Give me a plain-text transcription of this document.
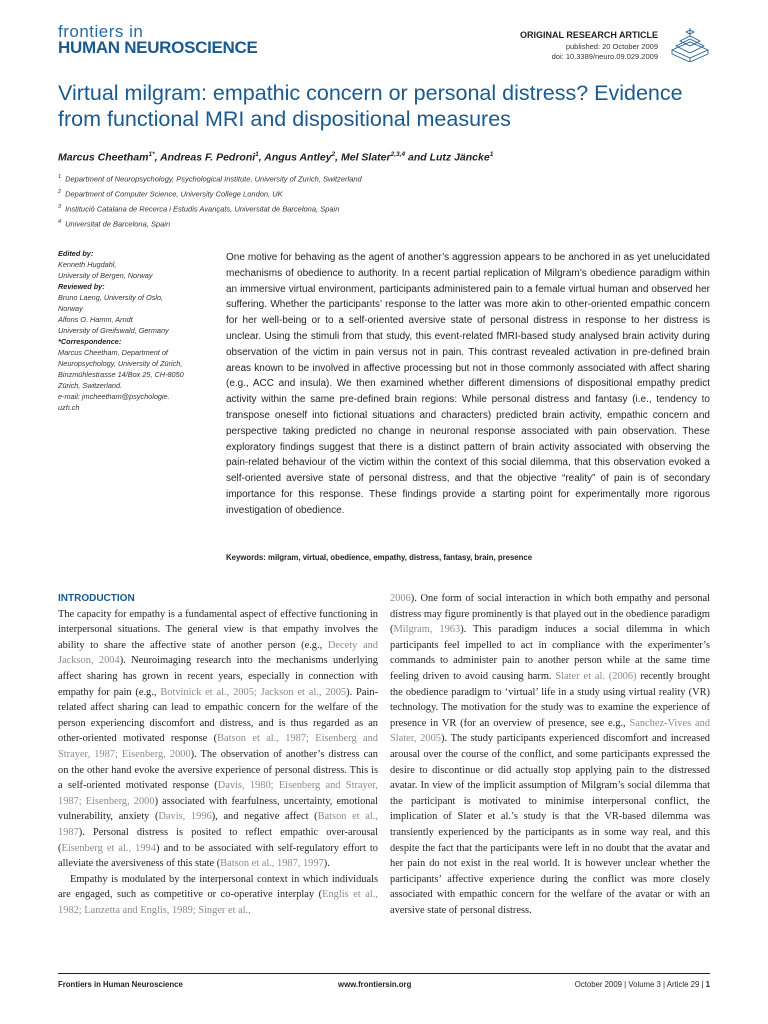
frontiers in
HUMAN NEUROSCIENCE
ORIGINAL RESEARCH ARTICLE
published: 20 October 2009
doi: 10.3389/neuro.09.029.2009
Virtual milgram: empathic concern or personal distress? Evidence from functional MRI and dispositional measures
Marcus Cheetham$^{1*}$, Andreas F. Pedroni$^1$, Angus Antley$^2$, Mel Slater$^{2,3,4}$ and Lutz Jäncke$^1$
$^1$ Department of Neuropsychology, Psychological Institute, University of Zurich, Switzerland
$^2$ Department of Computer Science, University College London, UK
$^3$ Institució Catalana de Recerca i Estudis Avançats, Universitat de Barcelona, Spain
$^4$ Universitat de Barcelona, Spain
Edited by:
Kenneth Hugdahl,
University of Bergen, Norway
Reviewed by:
Bruno Laeng, University of Oslo,
Norway
Alfons O. Hamm, Arndt
University of Greifswald, Germany
*Correspondence:
Marcus Cheetham, Department of
Neuropsychology, University of Zürich,
Binzmühlestrasse 14/Box 25, CH-8050
Zürich, Switzerland.
e-mail: jmcheetham@psychologie.
uzh.ch
One motive for behaving as the agent of another’s aggression appears to be anchored in as yet unelucidated mechanisms of obedience to authority. In a recent partial replication of Milgram’s obedience paradigm within an immersive virtual environment, participants administered pain to a female virtual human and observed her suffering. Whether the participants’ response to the latter was more akin to other-oriented empathic concern for her well-being or to a self-oriented aversive state of personal distress in response to her distress is unclear. Using the stimuli from that study, this event-related fMRI-based study analysed brain activity during observation of the victim in pain versus not in pain. This contrast revealed activation in pre-defined brain areas known to be involved in affective processing but not in those commonly associated with affect sharing (e.g., ACC and insula). We then examined whether different dimensions of dispositional empathy predict activity within the same pre-defined brain regions: While personal distress and fantasy (i.e., tendency to transpose oneself into fictional situations and characters) predicted brain activity, empathic concern and perspective taking predicted no change in neuronal response associated with pain observation. These exploratory findings suggest that there is a distinct pattern of brain activity associated with observing the pain-related behaviour of the victim within the context of this social dilemma, that this observation evoked a self-oriented aversive state of personal distress, and that the objective “reality” of pain is of secondary importance for this response. These findings provide a starting point for experimentally more rigorous investigation of obedience.
Keywords: milgram, virtual, obedience, empathy, distress, fantasy, brain, presence
INTRODUCTION

The capacity for empathy is a fundamental aspect of effective functioning in interpersonal situations. The general view is that empathy involves the ability to share the affective state of another person (e.g., Decety and Jackson, 2004). Neuroimaging research into the mechanisms underlying affect sharing has grown in recent years, especially in connection with empathy for pain (e.g., Botvinick et al., 2005; Jackson et al., 2005). Pain-related affect sharing can lead to empathic concern for the welfare of the person experiencing discomfort and distress, and is thus regarded as an other-oriented motivated response (Batson et al., 1987; Eisenberg and Strayer, 1987; Eisenberg, 2000). The observation of another’s distress can on the other hand evoke the aversive experience of personal distress. This is a self-oriented motivated response (Davis, 1980; Eisenberg and Strayer, 1987; Eisenberg, 2000) associated with fearfulness, uncertainty, emotional vulnerability, anxiety (Davis, 1996), and negative affect (Batson et al., 1987). Personal distress is posited to reflect empathic over-arousal (Eisenberg et al., 1994) and to be associated with self-regulatory effort to alleviate the aversiveness of this state (Batson et al., 1987, 1997).

Empathy is modulated by the interpersonal context in which individuals are engaged, such as competitive or co-operative interplay (Englis et al., 1982; Lanzetta and Englis, 1989; Singer et al.,

2006). One form of social interaction in which both empathy and personal distress may figure prominently is that played out in the obedience paradigm (Milgram, 1963). This paradigm induces a social dilemma in which participants feel impelled to act in compliance with the experimenter’s commands to administer pain to another person while at the same time feeling driven to avoid causing harm. Slater et al. (2006) recently brought the obedience paradigm to ‘virtual’ life in a study using virtual reality (VR) technology. The motivation for the study was to examine the experience of presence in VR (for an overview of presence, see e.g., Sanchez-Vives and Slater, 2005). The study participants experienced discomfort and increased arousal over the course of the conflict, and some participants expressed the desire to discontinue or did actually stop applying pain to the distressed avatar. In view of the implicit assumption of Milgram’s social dilemma that the participant is motivated to minimise interpersonal conflict, the implication of Slater et al.’s study is that the VR-based dilemma was transiently experienced by the participants as in some way real, and this despite the fact that the participants were left in no doubt that the avatar and her pain do not exist in the real world. It is however unclear whether the participants’ affective experience during the conflict was more closely associated with empathic concern for the welfare of the avatar or with an aversive state of personal distress.

Frontiers in Human Neuroscience	www.frontiersin.org	October 2009 | Volume 3 | Article 29 | 1
